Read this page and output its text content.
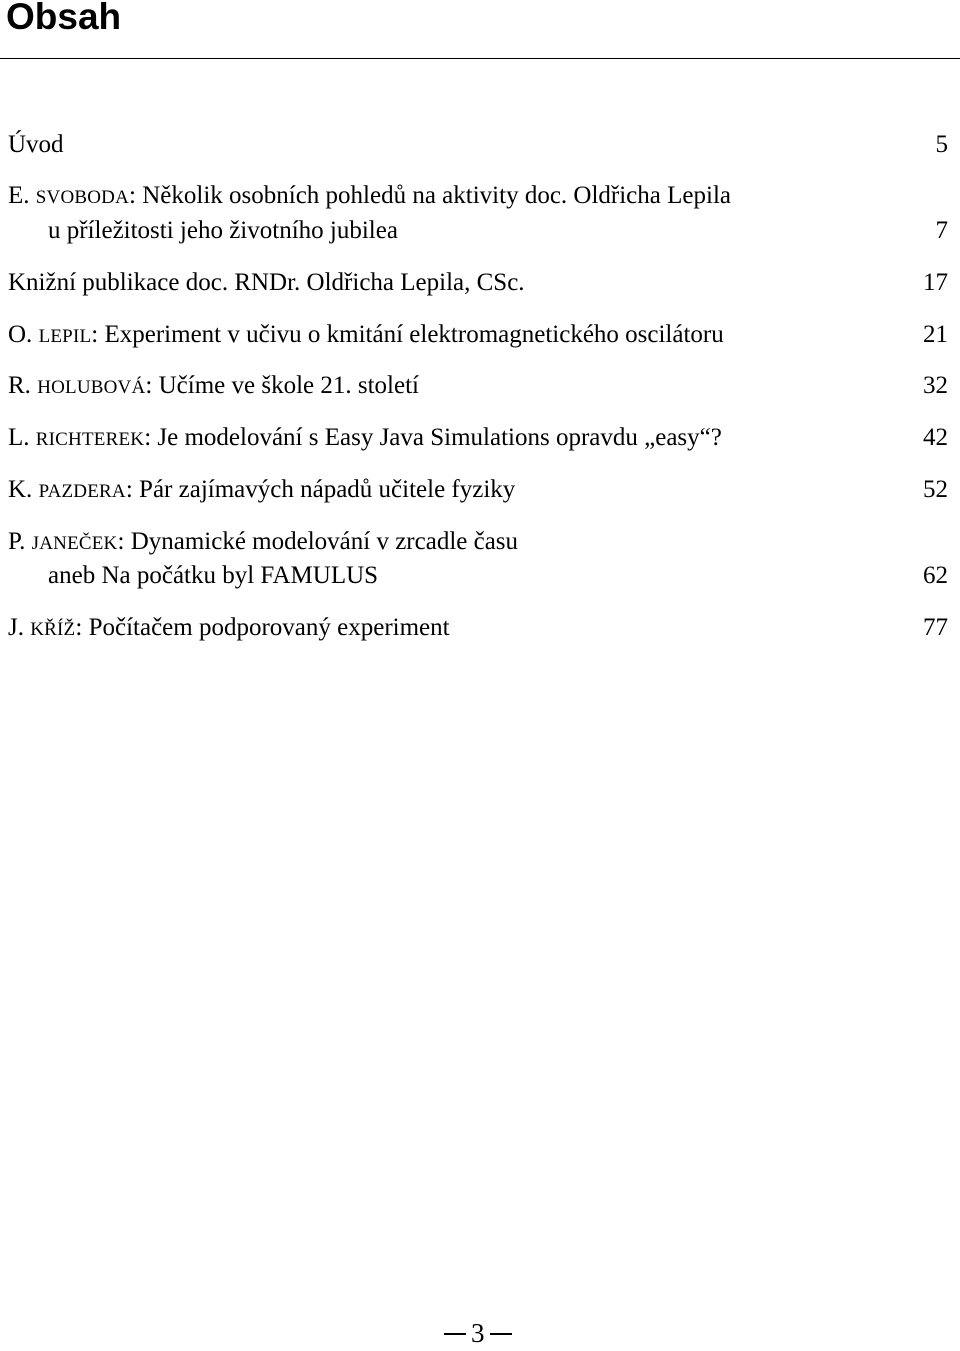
Obsah
Úvod	5
E. SVOBODA: Několik osobních pohledů na aktivity doc. Oldřicha Lepila
u příležitosti jeho životního jubilea	7
Knižní publikace doc. RNDr. Oldřicha Lepila, CSc.	17
O. LEPIL: Experiment v učivu o kmitání elektromagnetického oscilátoru	21
R. HOLUBOVÁ: Učíme ve škole 21. století	32
L. RICHTEREK: Je modelování s Easy Java Simulations opravdu „easy“?	42
K. PAZDERA: Pár zajímavých nápadů učitele fyziky	52
P. JANEČEK: Dynamické modelování v zrcadle času
aneb Na počátku byl FAMULUS	62
J. KŘÍŽ: Počítačem podporovaný experiment	77
3
